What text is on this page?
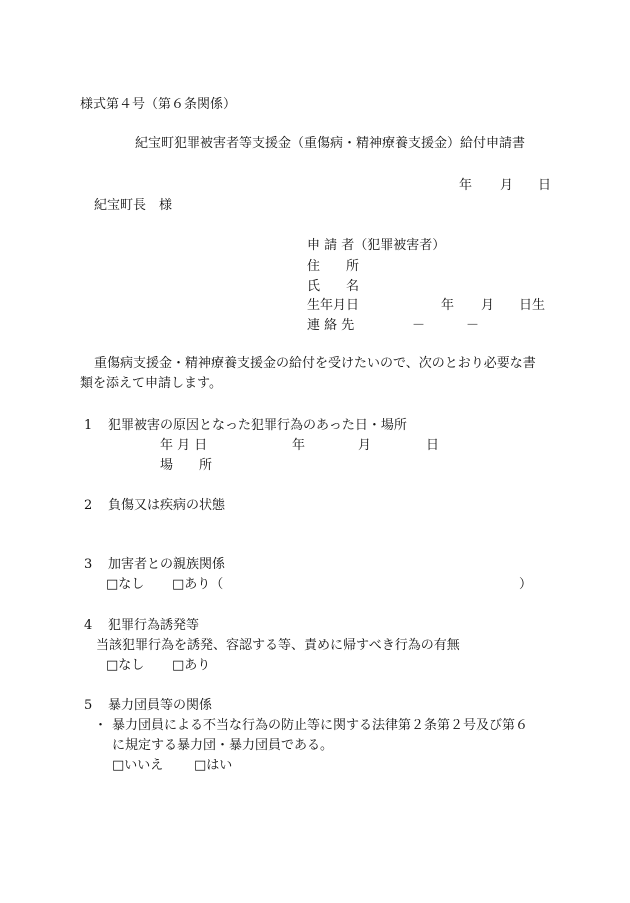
様式第４号（第６条関係）
紀宝町犯罪被害者等支援金（重傷病・精神療養支援金）給付申請書
年 月 日
紀宝町長　様
申 請 者（犯罪被害者）
住　　所
氏　　名
生年月日	年 月 日生
連 絡 先	－	－
重傷病支援金・精神療養支援金の給付を受けたいので、次のとおり必要な書
類を添えて申請します。
1 犯罪被害の原因となった犯罪行為のあった日・場所
年 月 日	年	月	日
場　　所
2 負傷又は疾病の状態
3 加害者との親族関係
□なし □あり（	）
4 犯罪行為誘発等
当該犯罪行為を誘発、容認する等、責めに帰すべき行為の有無
□なし □あり
5 暴力団員等の関係
・ 暴力団員による不当な行為の防止等に関する法律第２条第２号及び第６
に規定する暴力団・暴力団員である。
□いいえ □はい
